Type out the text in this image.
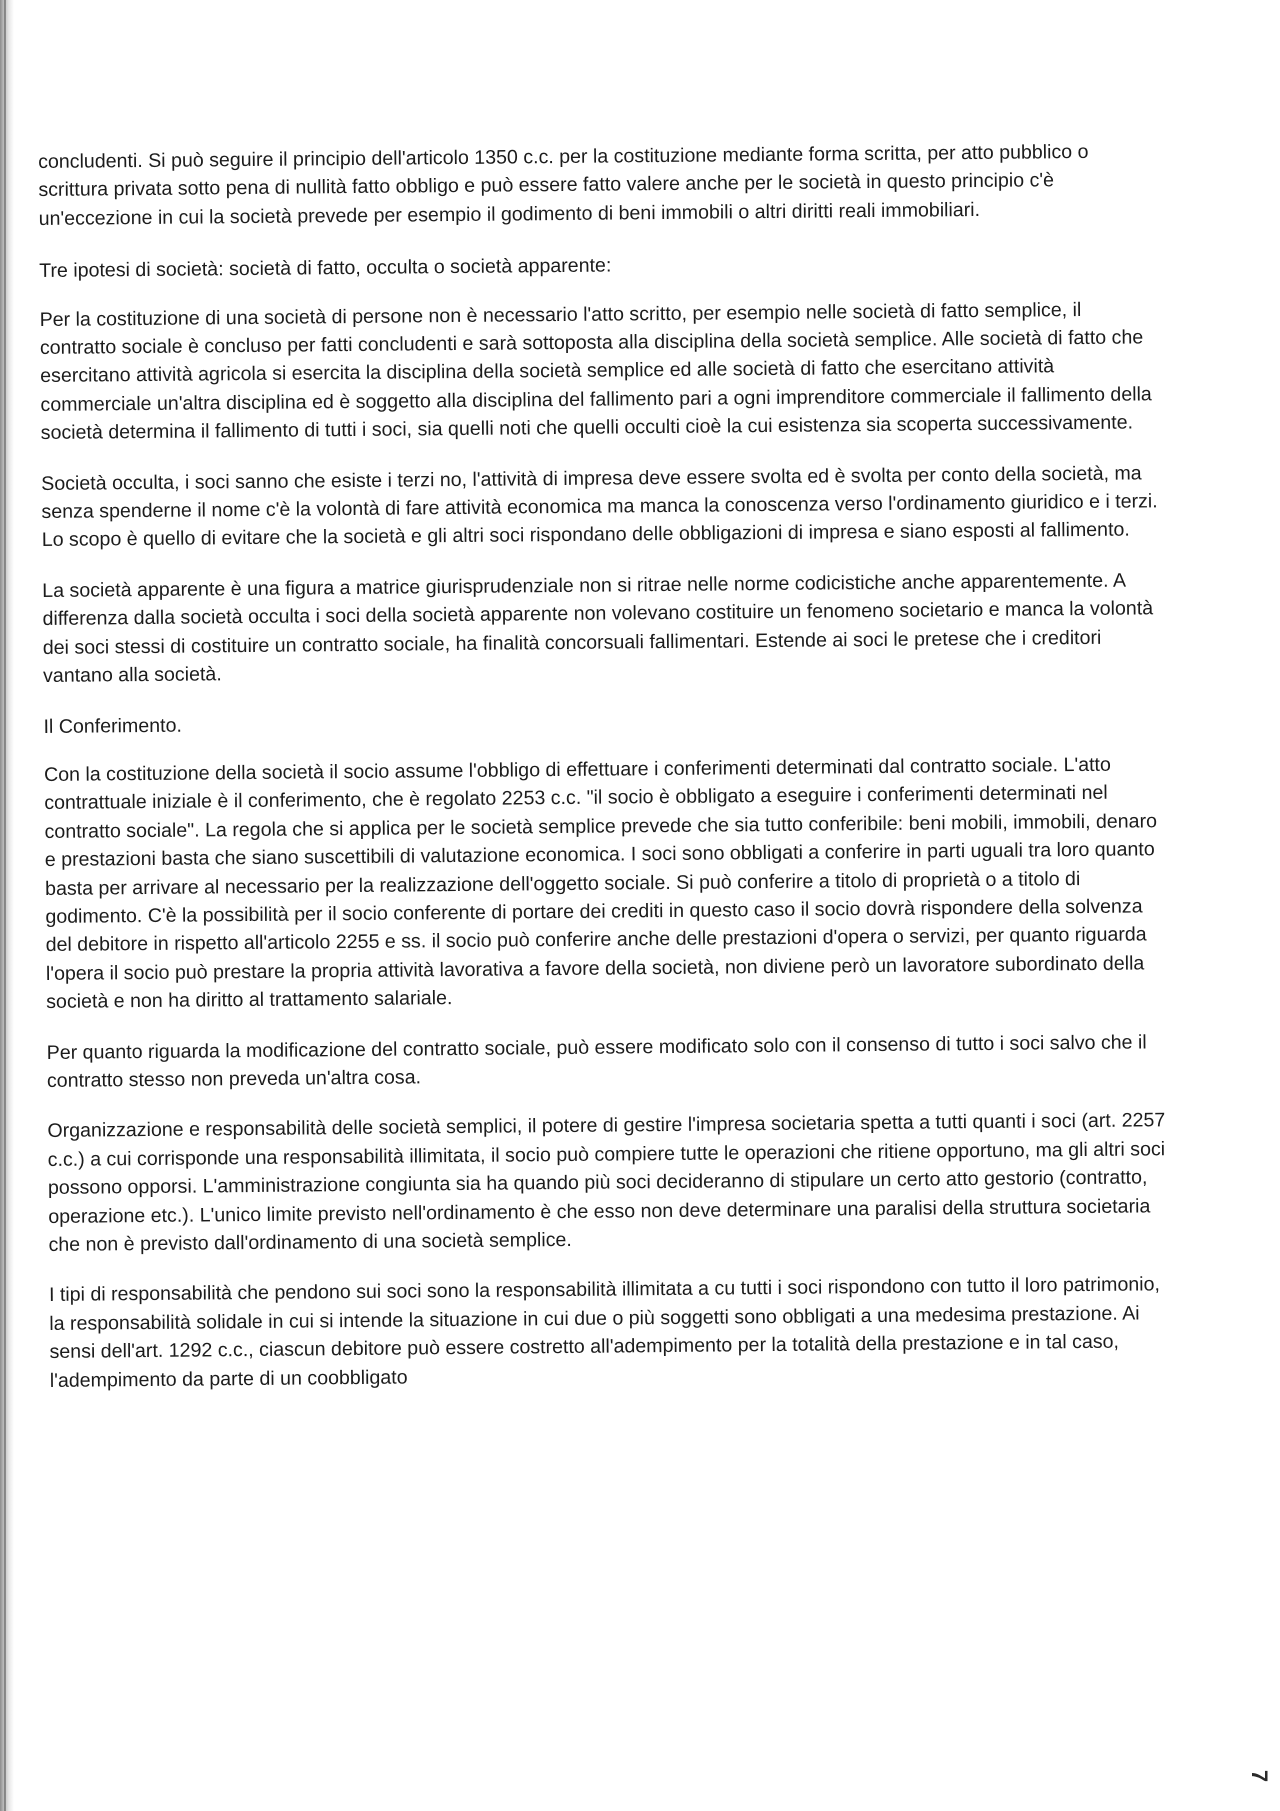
concludenti. Si può seguire il principio dell'articolo 1350 c.c. per la costituzione mediante forma scritta, per atto pubblico o scrittura privata sotto pena di nullità fatto obbligo e può essere fatto valere anche per le società in questo principio c'è un'eccezione in cui la società prevede per esempio il godimento di beni immobili o altri diritti reali immobiliari.

Tre ipotesi di società: società di fatto, occulta o società apparente:

Per la costituzione di una società di persone non è necessario l'atto scritto, per esempio nelle società di fatto semplice, il contratto sociale è concluso per fatti concludenti e sarà sottoposta alla disciplina della società semplice. Alle società di fatto che esercitano attività agricola si esercita la disciplina della società semplice ed alle società di fatto che esercitano attività commerciale un'altra disciplina ed è soggetto alla disciplina del fallimento pari a ogni imprenditore commerciale il fallimento della società determina il fallimento di tutti i soci, sia quelli noti che quelli occulti cioè la cui esistenza sia scoperta successivamente.

Società occulta, i soci sanno che esiste i terzi no, l'attività di impresa deve essere svolta ed è svolta per conto della società, ma senza spenderne il nome c'è la volontà di fare attività economica ma manca la conoscenza verso l'ordinamento giuridico e i terzi. Lo scopo è quello di evitare che la società e gli altri soci rispondano delle obbligazioni di impresa e siano esposti al fallimento.

La società apparente è una figura a matrice giurisprudenziale non si ritrae nelle norme codicistiche anche apparentemente. A differenza dalla società occulta i soci della società apparente non volevano costituire un fenomeno societario e manca la volontà dei soci stessi di costituire un contratto sociale, ha finalità concorsuali fallimentari. Estende ai soci le pretese che i creditori vantano alla società.

Il Conferimento.

Con la costituzione della società il socio assume l'obbligo di effettuare i conferimenti determinati dal contratto sociale. L'atto contrattuale iniziale è il conferimento, che è regolato 2253 c.c. "il socio è obbligato a eseguire i conferimenti determinati nel contratto sociale". La regola che si applica per le società semplice prevede che sia tutto conferibile: beni mobili, immobili, denaro e prestazioni basta che siano suscettibili di valutazione economica. I soci sono obbligati a conferire in parti uguali tra loro quanto basta per arrivare al necessario per la realizzazione dell'oggetto sociale. Si può conferire a titolo di proprietà o a titolo di godimento. C'è la possibilità per il socio conferente di portare dei crediti in questo caso il socio dovrà rispondere della solvenza del debitore in rispetto all'articolo 2255 e ss. il socio può conferire anche delle prestazioni d'opera o servizi, per quanto riguarda l'opera il socio può prestare la propria attività lavorativa a favore della società, non diviene però un lavoratore subordinato della società e non ha diritto al trattamento salariale.

Per quanto riguarda la modificazione del contratto sociale, può essere modificato solo con il consenso di tutto i soci salvo che il contratto stesso non preveda un'altra cosa.

Organizzazione e responsabilità delle società semplici, il potere di gestire l'impresa societaria spetta a tutti quanti i soci (art. 2257 c.c.) a cui corrisponde una responsabilità illimitata, il socio può compiere tutte le operazioni che ritiene opportuno, ma gli altri soci possono opporsi. L'amministrazione congiunta sia ha quando più soci decideranno di stipulare un certo atto gestorio (contratto, operazione etc.). L'unico limite previsto nell'ordinamento è che esso non deve determinare una paralisi della struttura societaria che non è previsto dall'ordinamento di una società semplice.

I tipi di responsabilità che pendono sui soci sono la responsabilità illimitata a cu tutti i soci rispondono con tutto il loro patrimonio, la responsabilità solidale in cui si intende la situazione in cui due o più soggetti sono obbligati a una medesima prestazione. Ai sensi dell'art. 1292 c.c., ciascun debitore può essere costretto all'adempimento per la totalità della prestazione e in tal caso, l'adempimento da parte di un coobbligato

7
